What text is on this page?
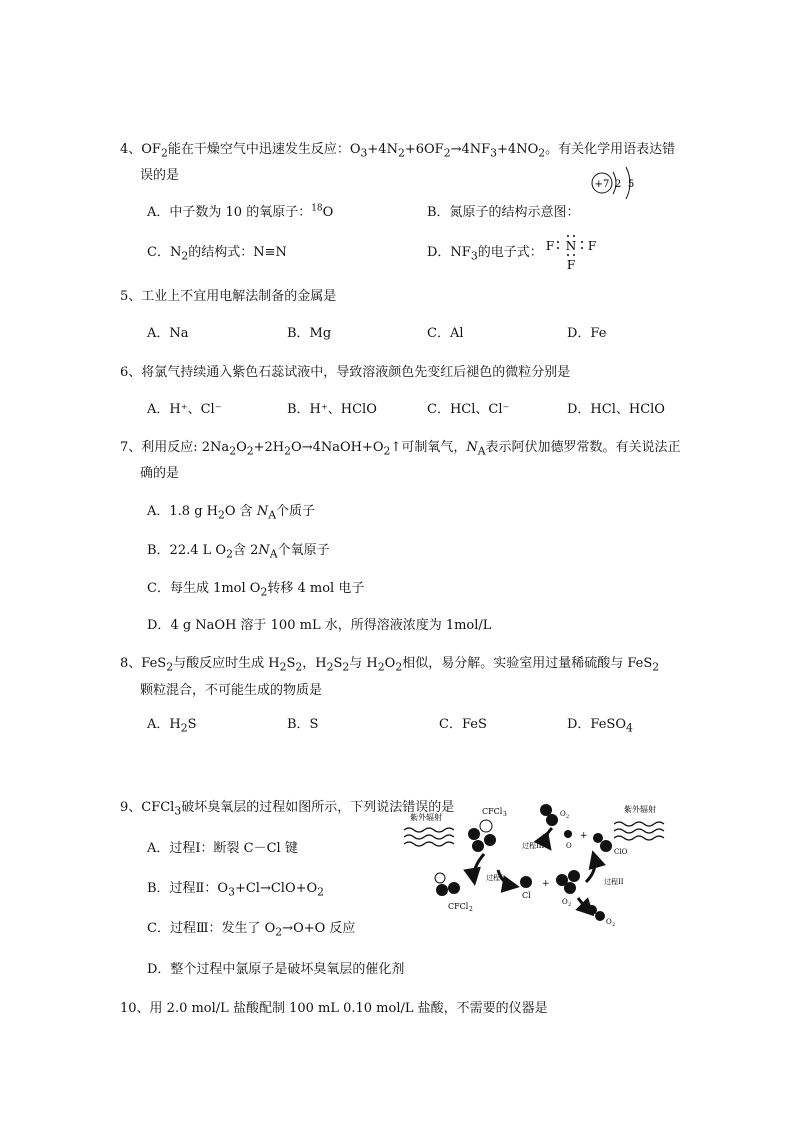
4、$OF_2$能在干燥空气中迅速发生反应：$O_3+4N_2+6OF_2\to 4NF_3+4NO_2$。有关化学用语表达错
误的是
A．中子数为 10 的氧原子：$^{18}$O	B．氮原子的结构示意图：
+7 2 5
C．$N_2$的结构式：N≡N	D．$NF_3$的电子式： F N F
F
5、工业上不宜用电解法制备的金属是
A．Na	B．Mg	C．Al	D．Fe
6、将氯气持续通入紫色石蕊试液中，导致溶液颜色先变红后褪色的微粒分别是
A．H⁺、Cl⁻	B．H⁺、HClO	C．HCl、Cl⁻	D．HCl、HClO
7、利用反应: $2Na_2O_2+2H_2O\to 4NaOH+O_2↑$可制氧气，$N_A$表示阿伏加德罗常数。有关说法正
确的是
A．1.8 g $H_2O$ 含 $N_A$个质子
B．22.4 L $O_2$含 $2N_A$个氧原子
C．每生成 1mol $O_2$转移 4 mol 电子
D．4 g NaOH 溶于 100 mL 水，所得溶液浓度为 1mol/L
8、FeS$_2$与酸反应时生成 $H_2S_2$，$H_2S_2$与 $H_2O_2$相似，易分解。实验室用过量稀硫酸与 FeS$_2$
颗粒混合，不可能生成的物质是
A．$H_2S$	B．S	C．FeS	D．FeSO$_4$
9、CFCl$_3$破坏臭氧层的过程如图所示，下列说法错误的是
A．过程Ⅰ：断裂 C－Cl 键
B．过程Ⅱ：$O_3+Cl\to ClO+O_2$
C．过程Ⅲ：发生了 $O_2\to O+O$ 反应
D．整个过程中氯原子是破坏臭氧层的催化剂
紫外辐射
紫外辐射
CFCl 3
CFCl 2
过程I
Cl
+
O 2
过程II
O 2
过程III	O
+
ClO
O 2
10、用 2.0 mol/L 盐酸配制 100 mL 0.10 mol/L 盐酸，不需要的仪器是
